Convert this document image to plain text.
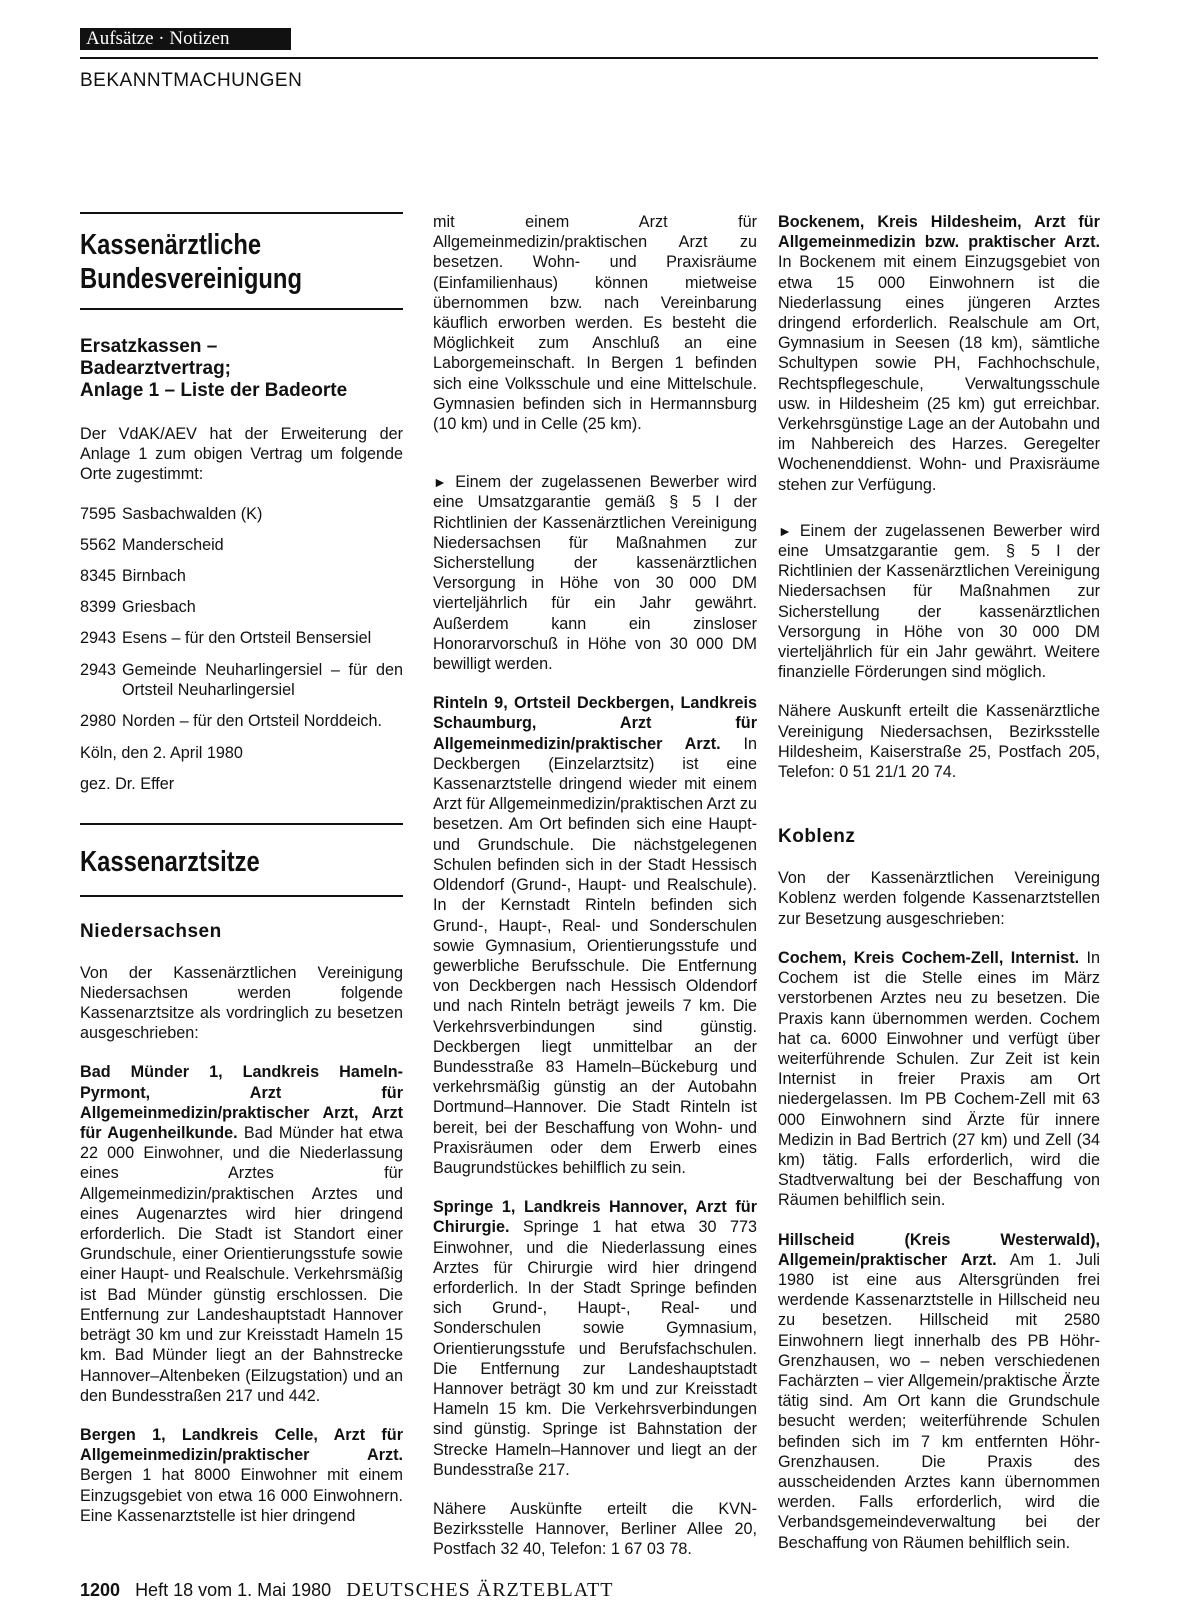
Aufsätze · Notizen
BEKANNTMACHUNGEN
Kassenärztliche
Bundesvereinigung
Ersatzkassen –
Badearztvertrag;
Anlage 1 – Liste der Badeorte

Der VdAK/AEV hat der Erweiterung der Anlage 1 zum obigen Vertrag um folgende Orte zugestimmt:

7595 Sasbachwalden (K)
5562 Manderscheid
8345 Birnbach
8399 Griesbach
2943 Esens – für den Ortsteil Bensersiel
2943 Gemeinde Neuharlingersiel – für den Ortsteil Neuharlingersiel
2980 Norden – für den Ortsteil Norddeich.

Köln, den 2. April 1980

gez. Dr. Effer

Kassenarztsitze
Niedersachsen

Von der Kassenärztlichen Vereinigung Niedersachsen werden folgende Kassenarztsitze als vordringlich zu besetzen ausgeschrieben:

Bad Münder 1, Landkreis Hameln-Pyrmont, Arzt für Allgemeinmedizin/praktischer Arzt, Arzt für Augenheilkunde. Bad Münder hat etwa 22 000 Einwohner, und die Niederlassung eines Arztes für Allgemeinmedizin/praktischen Arztes und eines Augenarztes wird hier dringend erforderlich. Die Stadt ist Standort einer Grundschule, einer Orientierungsstufe sowie einer Haupt- und Realschule. Verkehrsmäßig ist Bad Münder günstig erschlossen. Die Entfernung zur Landeshauptstadt Hannover beträgt 30 km und zur Kreisstadt Hameln 15 km. Bad Münder liegt an der Bahnstrecke Hannover–Altenbeken (Eilzugstation) und an den Bundesstraßen 217 und 442.

Bergen 1, Landkreis Celle, Arzt für Allgemeinmedizin/praktischer Arzt. Bergen 1 hat 8000 Einwohner mit einem Einzugsgebiet von etwa 16 000 Einwohnern. Eine Kassenarztstelle ist hier dringend

mit einem Arzt für Allgemeinmedizin/praktischen Arzt zu besetzen. Wohn- und Praxisräume (Einfamilienhaus) können mietweise übernommen bzw. nach Vereinbarung käuflich erworben werden. Es besteht die Möglichkeit zum Anschluß an eine Laborgemeinschaft. In Bergen 1 befinden sich eine Volksschule und eine Mittelschule. Gymnasien befinden sich in Hermannsburg (10 km) und in Celle (25 km).

► Einem der zugelassenen Bewerber wird eine Umsatzgarantie gemäß § 5 I der Richtlinien der Kassenärztlichen Vereinigung Niedersachsen für Maßnahmen zur Sicherstellung der kassenärztlichen Versorgung in Höhe von 30 000 DM vierteljährlich für ein Jahr gewährt. Außerdem kann ein zinsloser Honorarvorschuß in Höhe von 30 000 DM bewilligt werden.

Rinteln 9, Ortsteil Deckbergen, Landkreis Schaumburg, Arzt für Allgemeinmedizin/praktischer Arzt. In Deckbergen (Einzelarztsitz) ist eine Kassenarztstelle dringend wieder mit einem Arzt für Allgemeinmedizin/praktischen Arzt zu besetzen. Am Ort befinden sich eine Haupt- und Grundschule. Die nächstgelegenen Schulen befinden sich in der Stadt Hessisch Oldendorf (Grund-, Haupt- und Realschule). In der Kernstadt Rinteln befinden sich Grund-, Haupt-, Real- und Sonderschulen sowie Gymnasium, Orientierungsstufe und gewerbliche Berufsschule. Die Entfernung von Deckbergen nach Hessisch Oldendorf und nach Rinteln beträgt jeweils 7 km. Die Verkehrsverbindungen sind günstig. Deckbergen liegt unmittelbar an der Bundesstraße 83 Hameln–Bückeburg und verkehrsmäßig günstig an der Autobahn Dortmund–Hannover. Die Stadt Rinteln ist bereit, bei der Beschaffung von Wohn- und Praxisräumen oder dem Erwerb eines Baugrundstückes behilflich zu sein.

Springe 1, Landkreis Hannover, Arzt für Chirurgie. Springe 1 hat etwa 30 773 Einwohner, und die Niederlassung eines Arztes für Chirurgie wird hier dringend erforderlich. In der Stadt Springe befinden sich Grund-, Haupt-, Real- und Sonderschulen sowie Gymnasium, Orientierungsstufe und Berufsfachschulen. Die Entfernung zur Landeshauptstadt Hannover beträgt 30 km und zur Kreisstadt Hameln 15 km. Die Verkehrsverbindungen sind günstig. Springe ist Bahnstation der Strecke Hameln–Hannover und liegt an der Bundesstraße 217.

Nähere Auskünfte erteilt die KVN-Bezirksstelle Hannover, Berliner Allee 20, Postfach 32 40, Telefon: 1 67 03 78.

Bockenem, Kreis Hildesheim, Arzt für Allgemeinmedizin bzw. praktischer Arzt. In Bockenem mit einem Einzugsgebiet von etwa 15 000 Einwohnern ist die Niederlassung eines jüngeren Arztes dringend erforderlich. Realschule am Ort, Gymnasium in Seesen (18 km), sämtliche Schultypen sowie PH, Fachhochschule, Rechtspflegeschule, Verwaltungsschule usw. in Hildesheim (25 km) gut erreichbar. Verkehrsgünstige Lage an der Autobahn und im Nahbereich des Harzes. Geregelter Wochenenddienst. Wohn- und Praxisräume stehen zur Verfügung.

► Einem der zugelassenen Bewerber wird eine Umsatzgarantie gem. § 5 I der Richtlinien der Kassenärztlichen Vereinigung Niedersachsen für Maßnahmen zur Sicherstellung der kassenärztlichen Versorgung in Höhe von 30 000 DM vierteljährlich für ein Jahr gewährt. Weitere finanzielle Förderungen sind möglich.

Nähere Auskunft erteilt die Kassenärztliche Vereinigung Niedersachsen, Bezirksstelle Hildesheim, Kaiserstraße 25, Postfach 205, Telefon: 0 51 21/1 20 74.

Koblenz

Von der Kassenärztlichen Vereinigung Koblenz werden folgende Kassenarztstellen zur Besetzung ausgeschrieben:

Cochem, Kreis Cochem-Zell, Internist. In Cochem ist die Stelle eines im März verstorbenen Arztes neu zu besetzen. Die Praxis kann übernommen werden. Cochem hat ca. 6000 Einwohner und verfügt über weiterführende Schulen. Zur Zeit ist kein Internist in freier Praxis am Ort niedergelassen. Im PB Cochem-Zell mit 63 000 Einwohnern sind Ärzte für innere Medizin in Bad Bertrich (27 km) und Zell (34 km) tätig. Falls erforderlich, wird die Stadtverwaltung bei der Beschaffung von Räumen behilflich sein.

Hillscheid (Kreis Westerwald), Allgemein/praktischer Arzt. Am 1. Juli 1980 ist eine aus Altersgründen frei werdende Kassenarztstelle in Hillscheid neu zu besetzen. Hillscheid mit 2580 Einwohnern liegt innerhalb des PB Höhr-Grenzhausen, wo – neben verschiedenen Fachärzten – vier Allgemein/praktische Ärzte tätig sind. Am Ort kann die Grundschule besucht werden; weiterführende Schulen befinden sich im 7 km entfernten Höhr-Grenzhausen. Die Praxis des ausscheidenden Arztes kann übernommen werden. Falls erforderlich, wird die Verbandsgemeindeverwaltung bei der Beschaffung von Räumen behilflich sein.

1200 Heft 18 vom 1. Mai 1980 DEUTSCHES ÄRZTEBLATT
